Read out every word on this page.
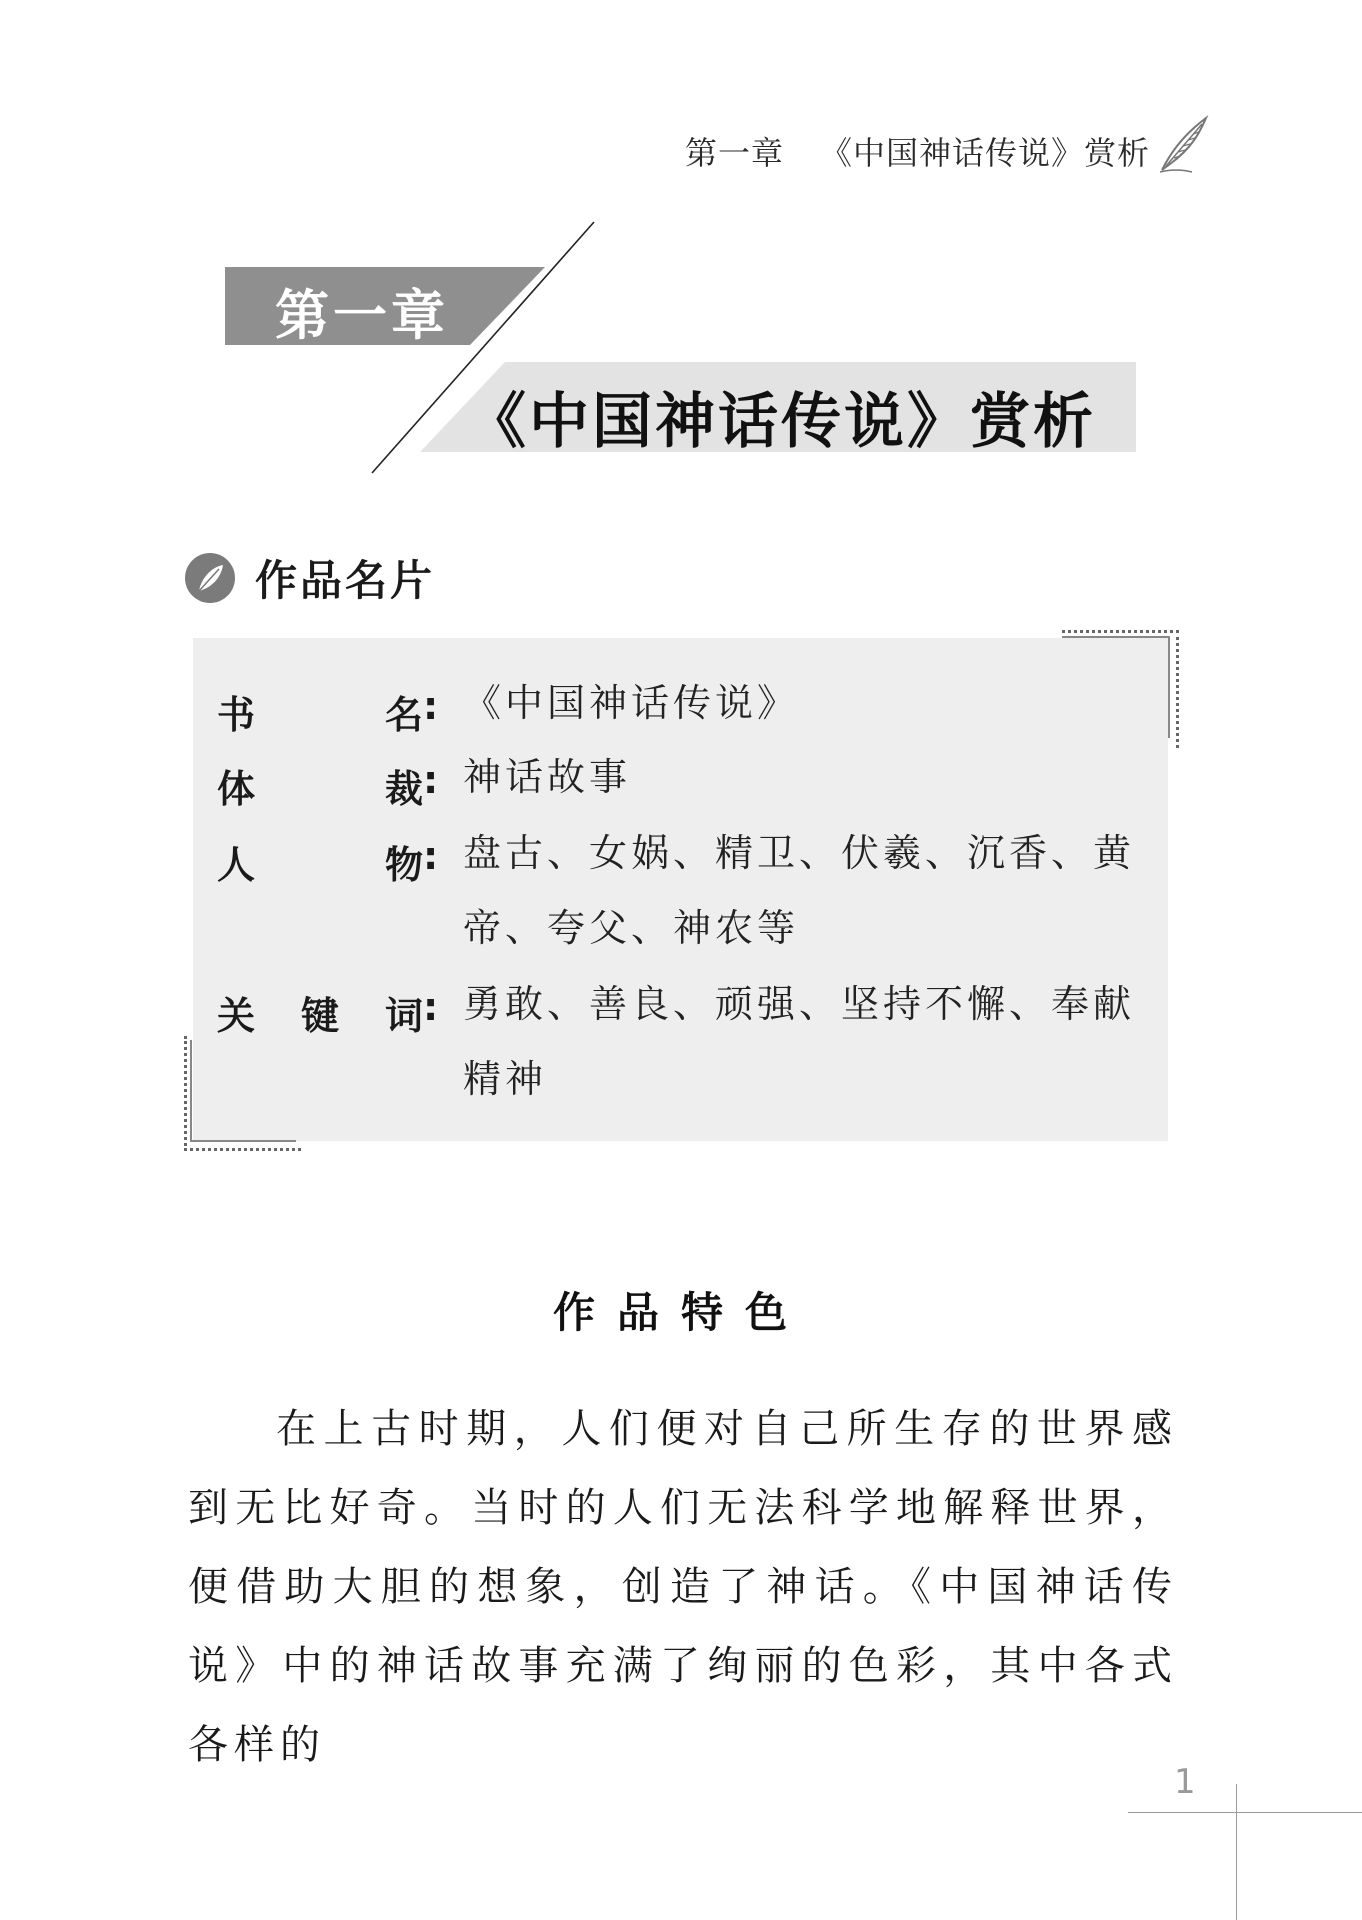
第一章 《中国神话传说》赏析
第一章
《中国神话传说》赏析
作品名片
书	名 : 《中国神话传说》
体	裁 : 神话故事
人	物 : 盘古、女娲、精卫、伏羲、沉香、黄帝、夸父、神农等
关 键 词 : 勇敢、善良、顽强、坚持不懈、奉献精神
作品特色
在上古时期，人们便对自己所生存的世界感到无比好奇。当时的人们无法科学地解释世界，便借助大胆的想象，创造了神话。《中国神话传说》中的神话故事充满了绚丽的色彩，其中各式各样的
1
